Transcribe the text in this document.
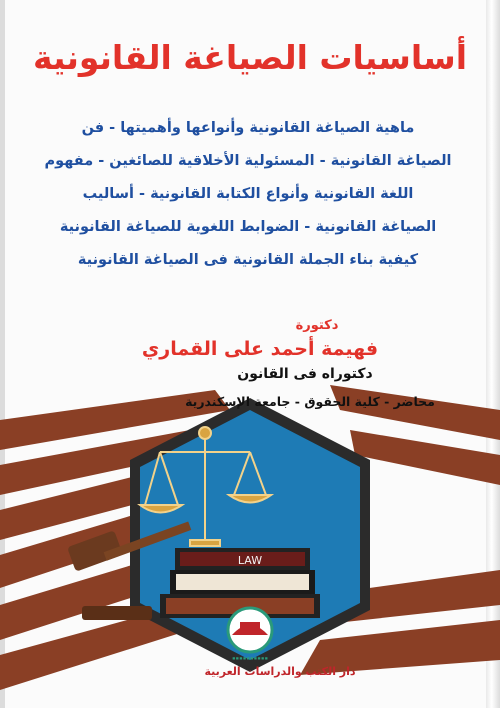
أساسيات الصياغة القانونية
ماهية الصياغة القانونية وأنواعها وأهميتها - فن
الصياغة القانونية - المسئولية الأخلاقية للصائغين - مفهوم
اللغة القانونية وأنواع الكتابة القانونية - أساليب
الصياغة القانونية - الضوابط اللغوية للصياغة القانونية
كيفية بناء الجملة القانونية فى الصياغة القانونية
LAW
▪▪▪▪▪▪▪▪▪▪
دكتورة
فهيمة أحمد على القماري
دكتوراه فى القانون
محاضر - كلية الحقوق - جامعة الإسكندرية
دار الكتب والدراسات العربية
